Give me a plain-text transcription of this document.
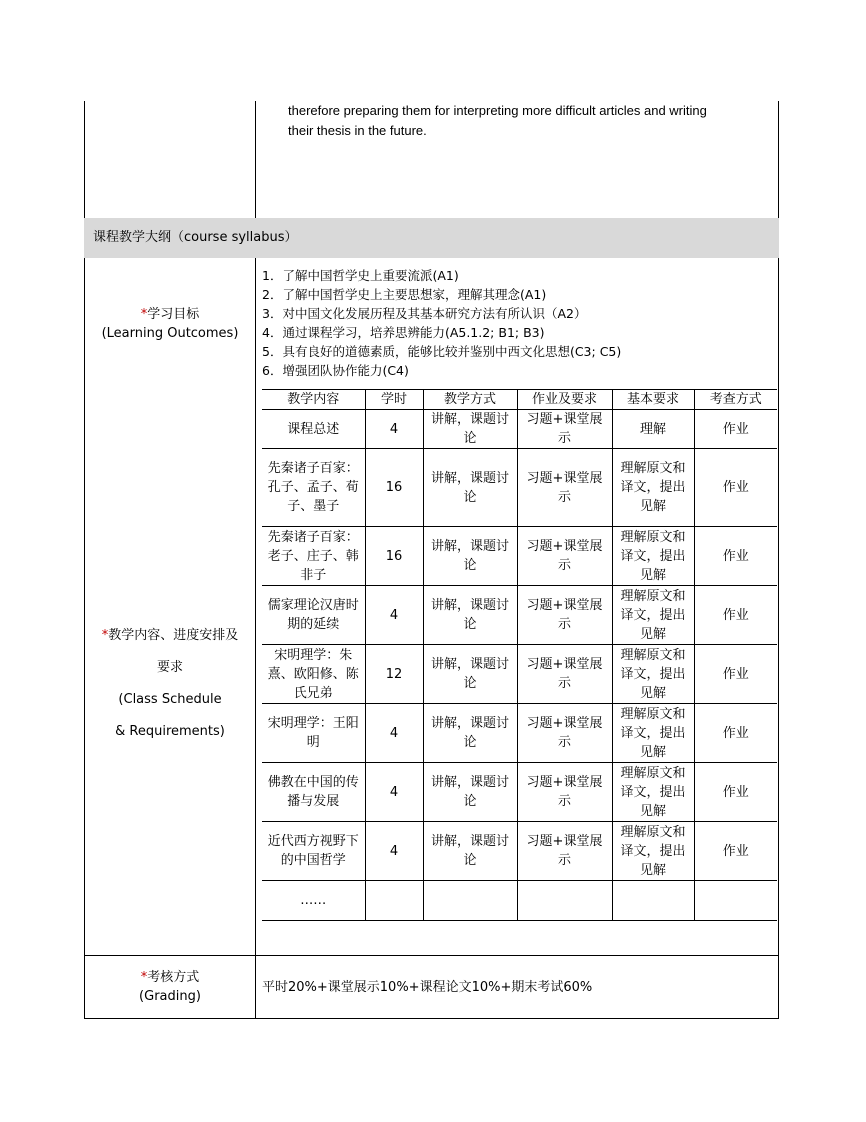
therefore preparing them for interpreting more difficult articles and writing
their thesis in the future.
课程教学大纲（course syllabus）
*学习目标
(Learning Outcomes)
1．了解中国哲学史上重要流派(A1)
2．了解中国哲学史上主要思想家，理解其理念(A1)
3．对中国文化发展历程及其基本研究方法有所认识（A2）
4．通过课程学习，培养思辨能力(A5.1.2; B1; B3)
5．具有良好的道德素质，能够比较并鉴别中西文化思想(C3; C5)
6．增强团队协作能力(C4)
*教学内容、进度安排及
要求
(Class Schedule
& Requirements)
教学内容	学时	教学方式	作业及要求	基本要求	考查方式
课程总述	4	讲解，课题讨论	习题+课堂展示	理解	作业
先秦诸子百家：孔子、孟子、荀子、墨子	16	讲解，课题讨论	习题+课堂展示	理解原文和译文，提出见解	作业
先秦诸子百家：老子、庄子、韩非子	16	讲解，课题讨论	习题+课堂展示	理解原文和译文，提出见解	作业
儒家理论汉唐时期的延续	4	讲解，课题讨论	习题+课堂展示	理解原文和译文，提出见解	作业
宋明理学：朱熹、欧阳修、陈氏兄弟	12	讲解，课题讨论	习题+课堂展示	理解原文和译文，提出见解	作业
宋明理学：王阳明	4	讲解，课题讨论	习题+课堂展示	理解原文和译文，提出见解	作业
佛教在中国的传播与发展	4	讲解，课题讨论	习题+课堂展示	理解原文和译文，提出见解	作业
近代西方视野下的中国哲学	4	讲解，课题讨论	习题+课堂展示	理解原文和译文，提出见解	作业
……					
*考核方式
(Grading)
平时20%+课堂展示10%+课程论文10%+期末考试60%
